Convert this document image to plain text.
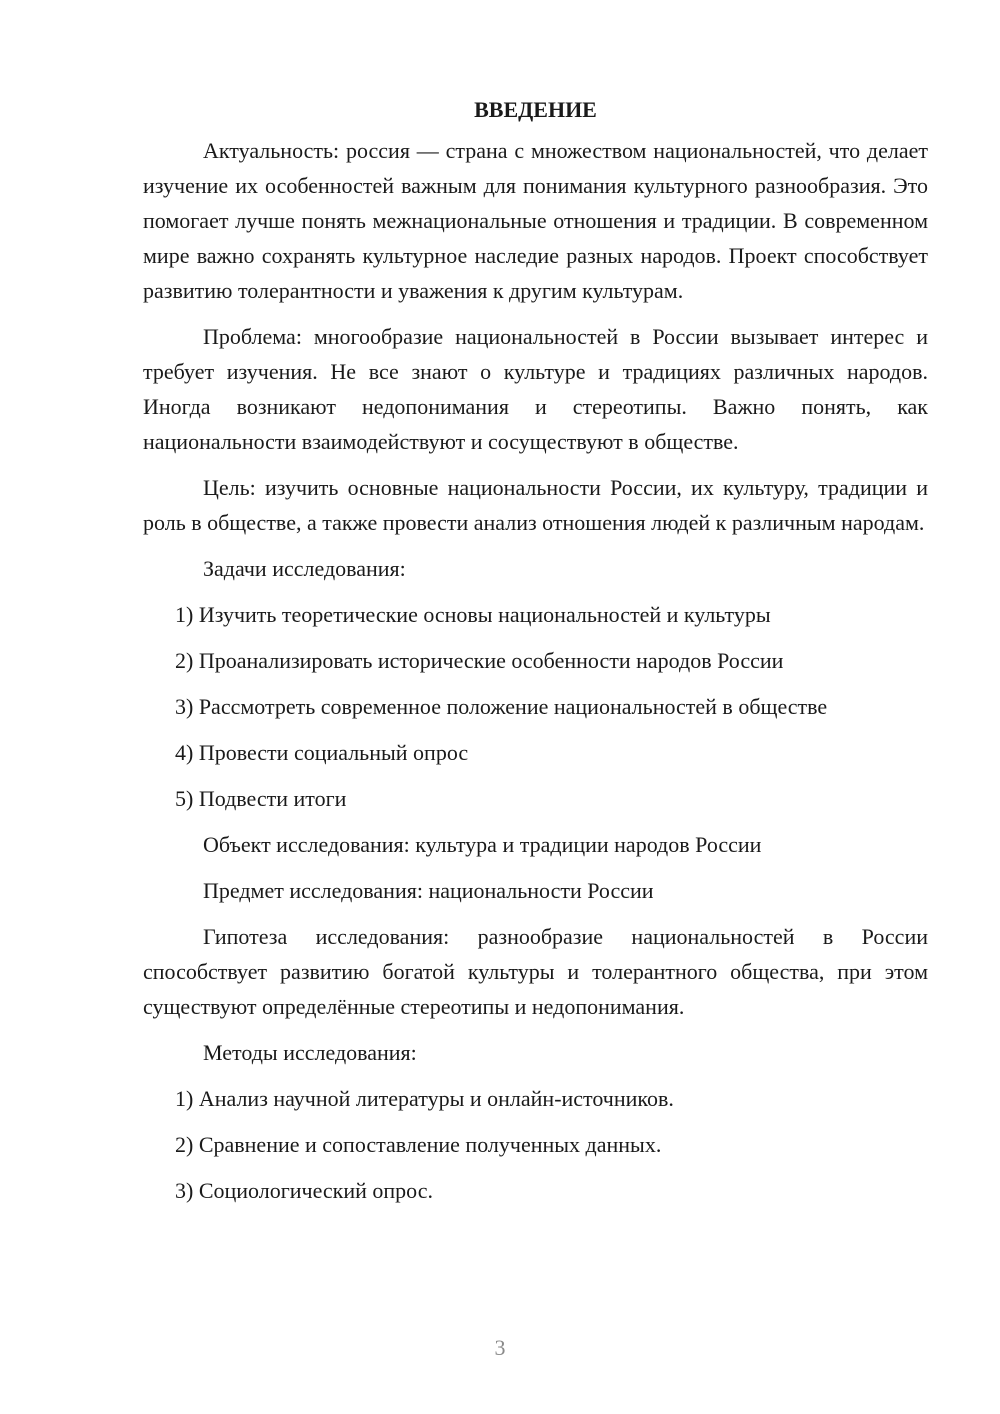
ВВЕДЕНИЕ

Актуальность: россия — страна с множеством национальностей, что делает изучение их особенностей важным для понимания культурного разнообразия. Это помогает лучше понять межнациональные отношения и традиции. В современном мире важно сохранять культурное наследие разных народов. Проект способствует развитию толерантности и уважения к другим культурам.

Проблема: многообразие национальностей в России вызывает интерес и требует изучения. Не все знают о культуре и традициях различных народов. Иногда возникают недопонимания и стереотипы. Важно понять, как национальности взаимодействуют и сосуществуют в обществе.

Цель: изучить основные национальности России, их культуру, традиции и роль в обществе, а также провести анализ отношения людей к различным народам.

Задачи исследования:

1) Изучить теоретические основы национальностей и культуры
2) Проанализировать исторические особенности народов России
3) Рассмотреть современное положение национальностей в обществе
4) Провести социальный опрос
5) Подвести итоги

Объект исследования: культура и традиции народов России

Предмет исследования: национальности России

Гипотеза исследования: разнообразие национальностей в России способствует развитию богатой культуры и толерантного общества, при этом существуют определённые стереотипы и недопонимания.

Методы исследования:

1) Анализ научной литературы и онлайн-источников.
2) Сравнение и сопоставление полученных данных.
3) Социологический опрос.
3
